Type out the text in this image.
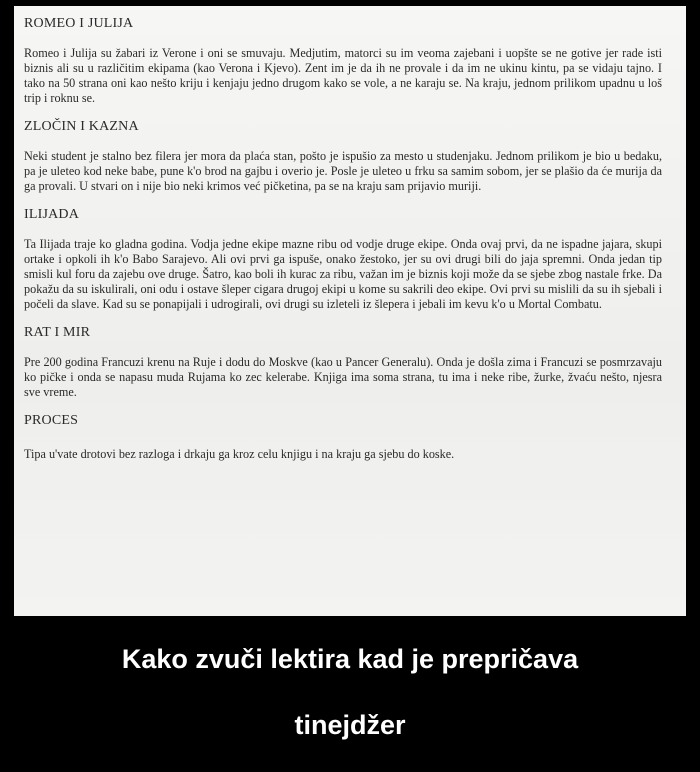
ROMEO I JULIJA
Romeo i Julija su žabari iz Verone i oni se smuvaju. Medjutim, matorci su im veoma zajebani i uopšte se ne gotive jer rade isti biznis ali su u različitim ekipama (kao Verona i Kjevo). Zent im je da ih ne provale i da im ne ukinu kintu, pa se vidaju tajno. I tako na 50 strana oni kao nešto kriju i kenjaju jedno drugom kako se vole, a ne karaju se. Na kraju, jednom prilikom upadnu u loš trip i roknu se.
ZLOČIN I KAZNA
Neki student je stalno bez filera jer mora da plaća stan, pošto je ispušio za mesto u studenjaku. Jednom prilikom je bio u bedaku, pa je uleteo kod neke babe, pune k'o brod na gajbu i overio je. Posle je uleteo u frku sa samim sobom, jer se plašio da će murija da ga provali. U stvari on i nije bio neki krimos već pičketina, pa se na kraju sam prijavio muriji.
ILIJADA
Ta Ilijada traje ko gladna godina. Vodja jedne ekipe mazne ribu od vodje druge ekipe. Onda ovaj prvi, da ne ispadne jajara, skupi ortake i opkoli ih k'o Babo Sarajevo. Ali ovi prvi ga ispuše, onako žestoko, jer su ovi drugi bili do jaja spremni. Onda jedan tip smisli kul foru da zajebu ove druge. Šatro, kao boli ih kurac za ribu, važan im je biznis koji može da se sjebe zbog nastale frke. Da pokažu da su iskulirali, oni odu i ostave šleper cigara drugoj ekipi u kome su sakrili deo ekipe. Ovi prvi su mislili da su ih sjebali i počeli da slave. Kad su se ponapijali i udrogirali, ovi drugi su izleteli iz šlepera i jebali im kevu k'o u Mortal Combatu.
RAT I MIR
Pre 200 godina Francuzi krenu na Ruje i dodu do Moskve (kao u Pancer Generalu). Onda je došla zima i Francuzi se posmrzavaju ko pičke i onda se napasu muda Rujama ko zec kelerabe. Knjiga ima soma strana, tu ima i neke ribe, žurke, žvaću nešto, njesra sve vreme.
PROCES
Tipa u'vate drotovi bez razloga i drkaju ga kroz celu knjigu i na kraju ga sjebu do koske.
Kako zvuči lektira kad je prepričava
tinejdžer
